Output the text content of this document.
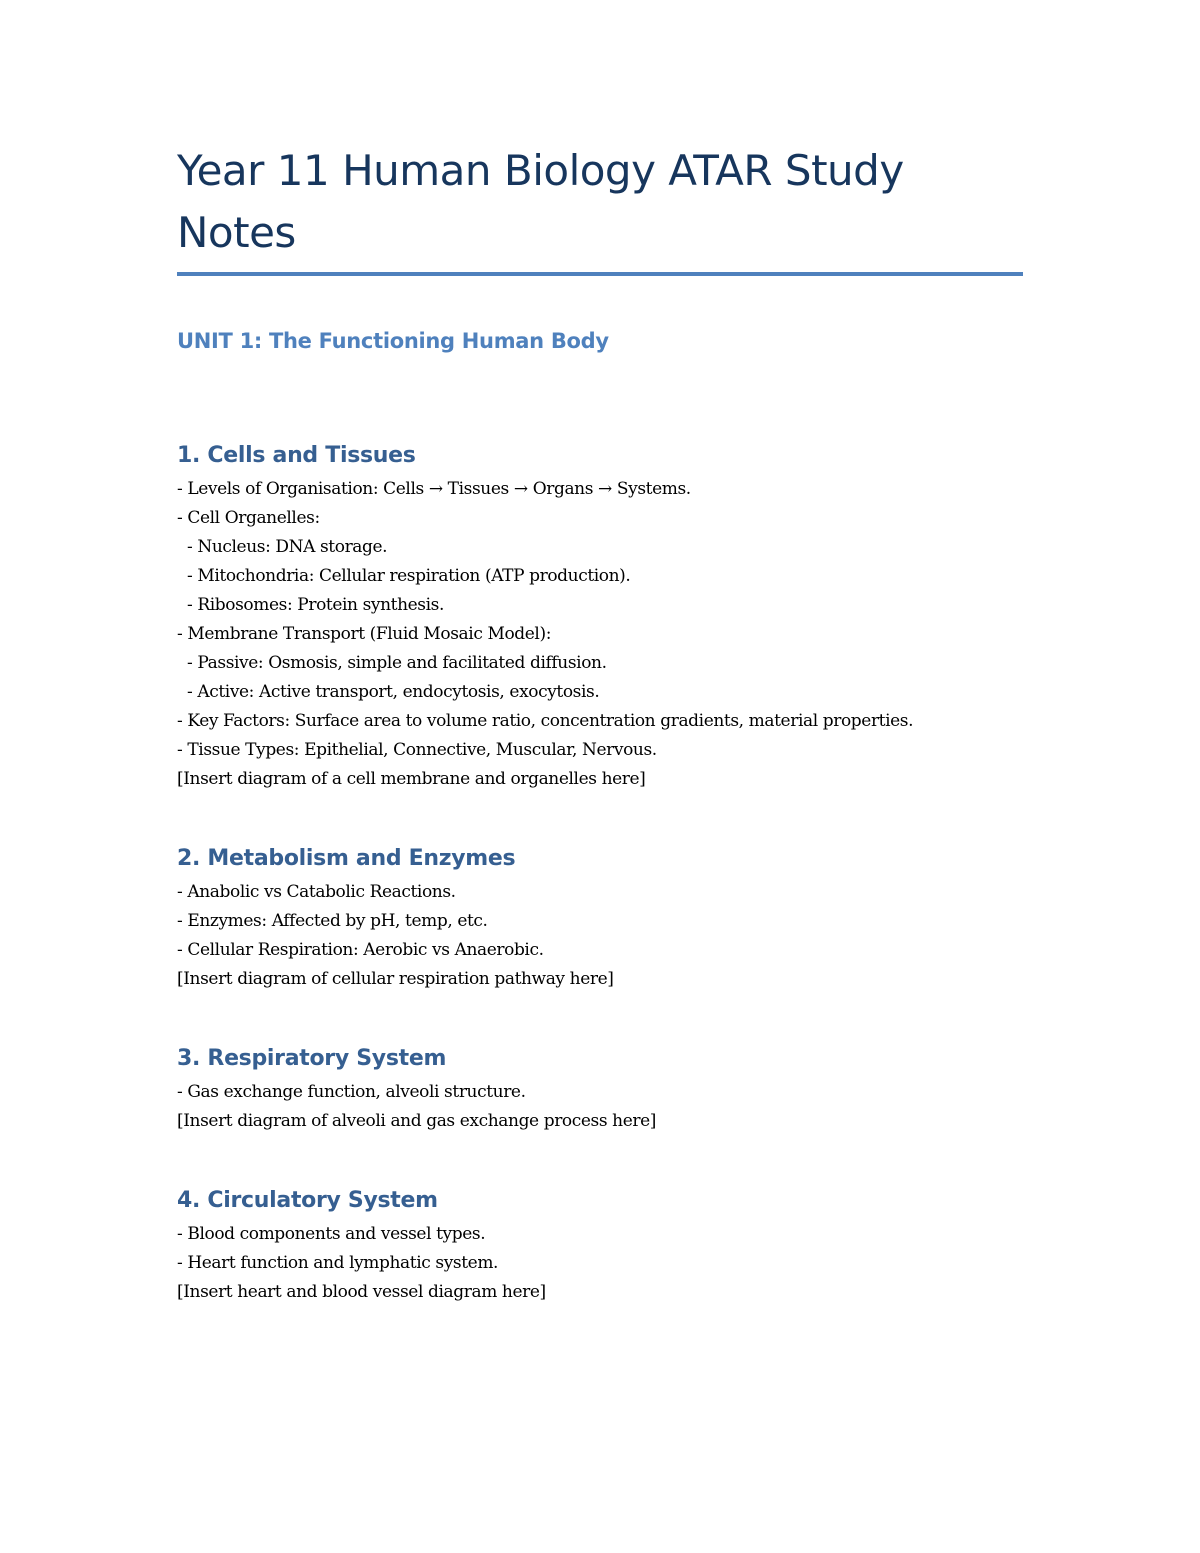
Year 11 Human Biology ATAR Study
Notes
UNIT 1: The Functioning Human Body
1. Cells and Tissues

- Levels of Organisation: Cells → Tissues → Organs → Systems.

- Cell Organelles:

- Nucleus: DNA storage.

- Mitochondria: Cellular respiration (ATP production).

- Ribosomes: Protein synthesis.

- Membrane Transport (Fluid Mosaic Model):

- Passive: Osmosis, simple and facilitated diffusion.

- Active: Active transport, endocytosis, exocytosis.

- Key Factors: Surface area to volume ratio, concentration gradients, material properties.

- Tissue Types: Epithelial, Connective, Muscular, Nervous.

[Insert diagram of a cell membrane and organelles here]

2. Metabolism and Enzymes

- Anabolic vs Catabolic Reactions.

- Enzymes: Affected by pH, temp, etc.

- Cellular Respiration: Aerobic vs Anaerobic.

[Insert diagram of cellular respiration pathway here]

3. Respiratory System

- Gas exchange function, alveoli structure.

[Insert diagram of alveoli and gas exchange process here]

4. Circulatory System

- Blood components and vessel types.

- Heart function and lymphatic system.

[Insert heart and blood vessel diagram here]
